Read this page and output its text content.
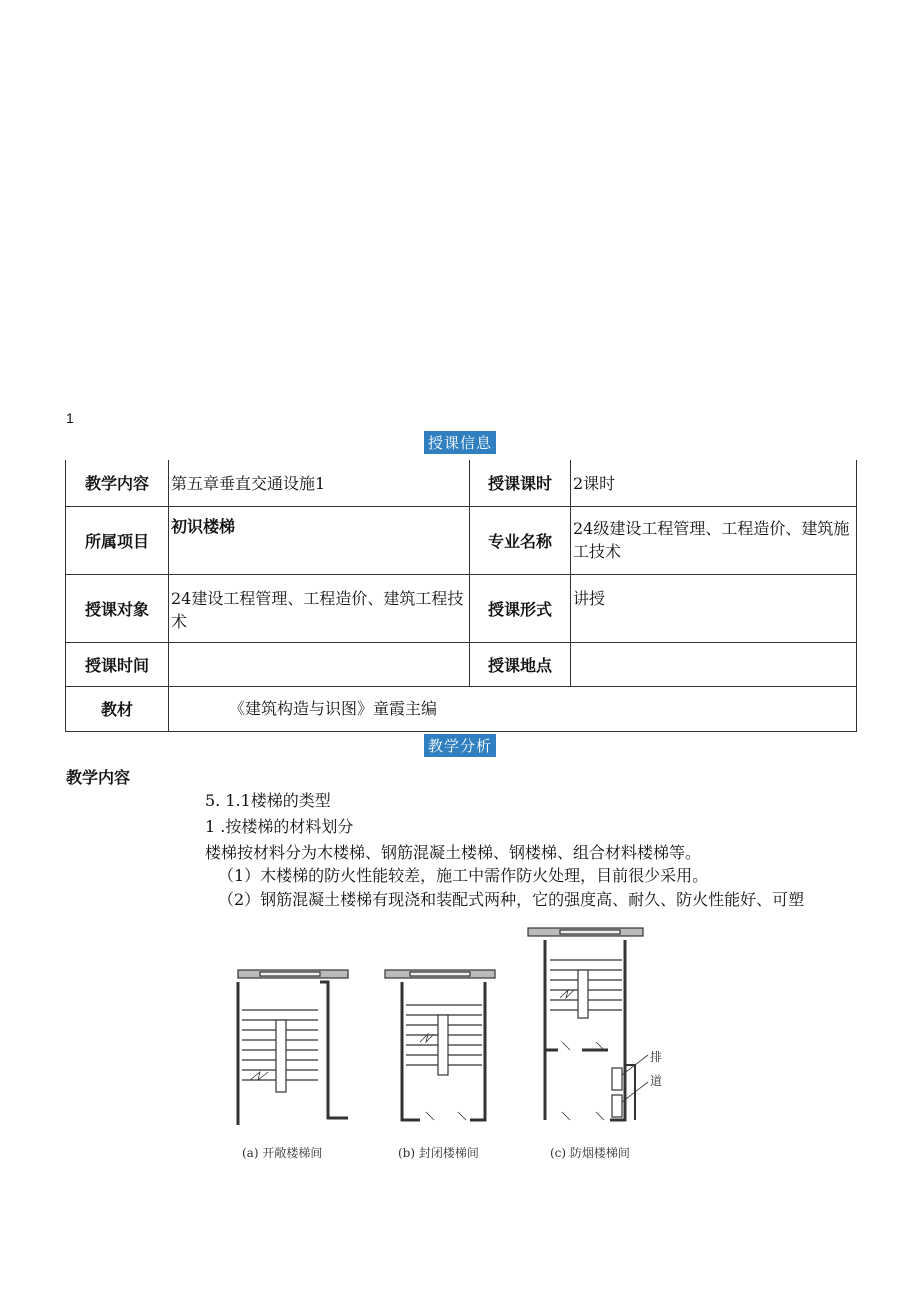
1
授课信息
教学内容	第五章垂直交通设施1	授课课时	2课时
所属项目	初识楼梯	专业名称	24级建设工程管理、工程造价、建筑施工技术
授课对象	24建设工程管理、工程造价、建筑工程技术	授课形式	讲授
授课时间		授课地点	
教材	《建筑构造与识图》童霞主编		
教学分析
教学内容
5. 1.1楼梯的类型
1 .按楼梯的材料划分
楼梯按材料分为木楼梯、钢筋混凝土楼梯、钢楼梯、组合材料楼梯等。
（1）木楼梯的防火性能较差，施工中需作防火处理，目前很少采用。
（2）钢筋混凝土楼梯有现浇和装配式两种，它的强度高、耐久、防火性能好、可塑
排
道
(a) 开敞楼梯间	(b) 封闭楼梯间	(c) 防烟楼梯间
